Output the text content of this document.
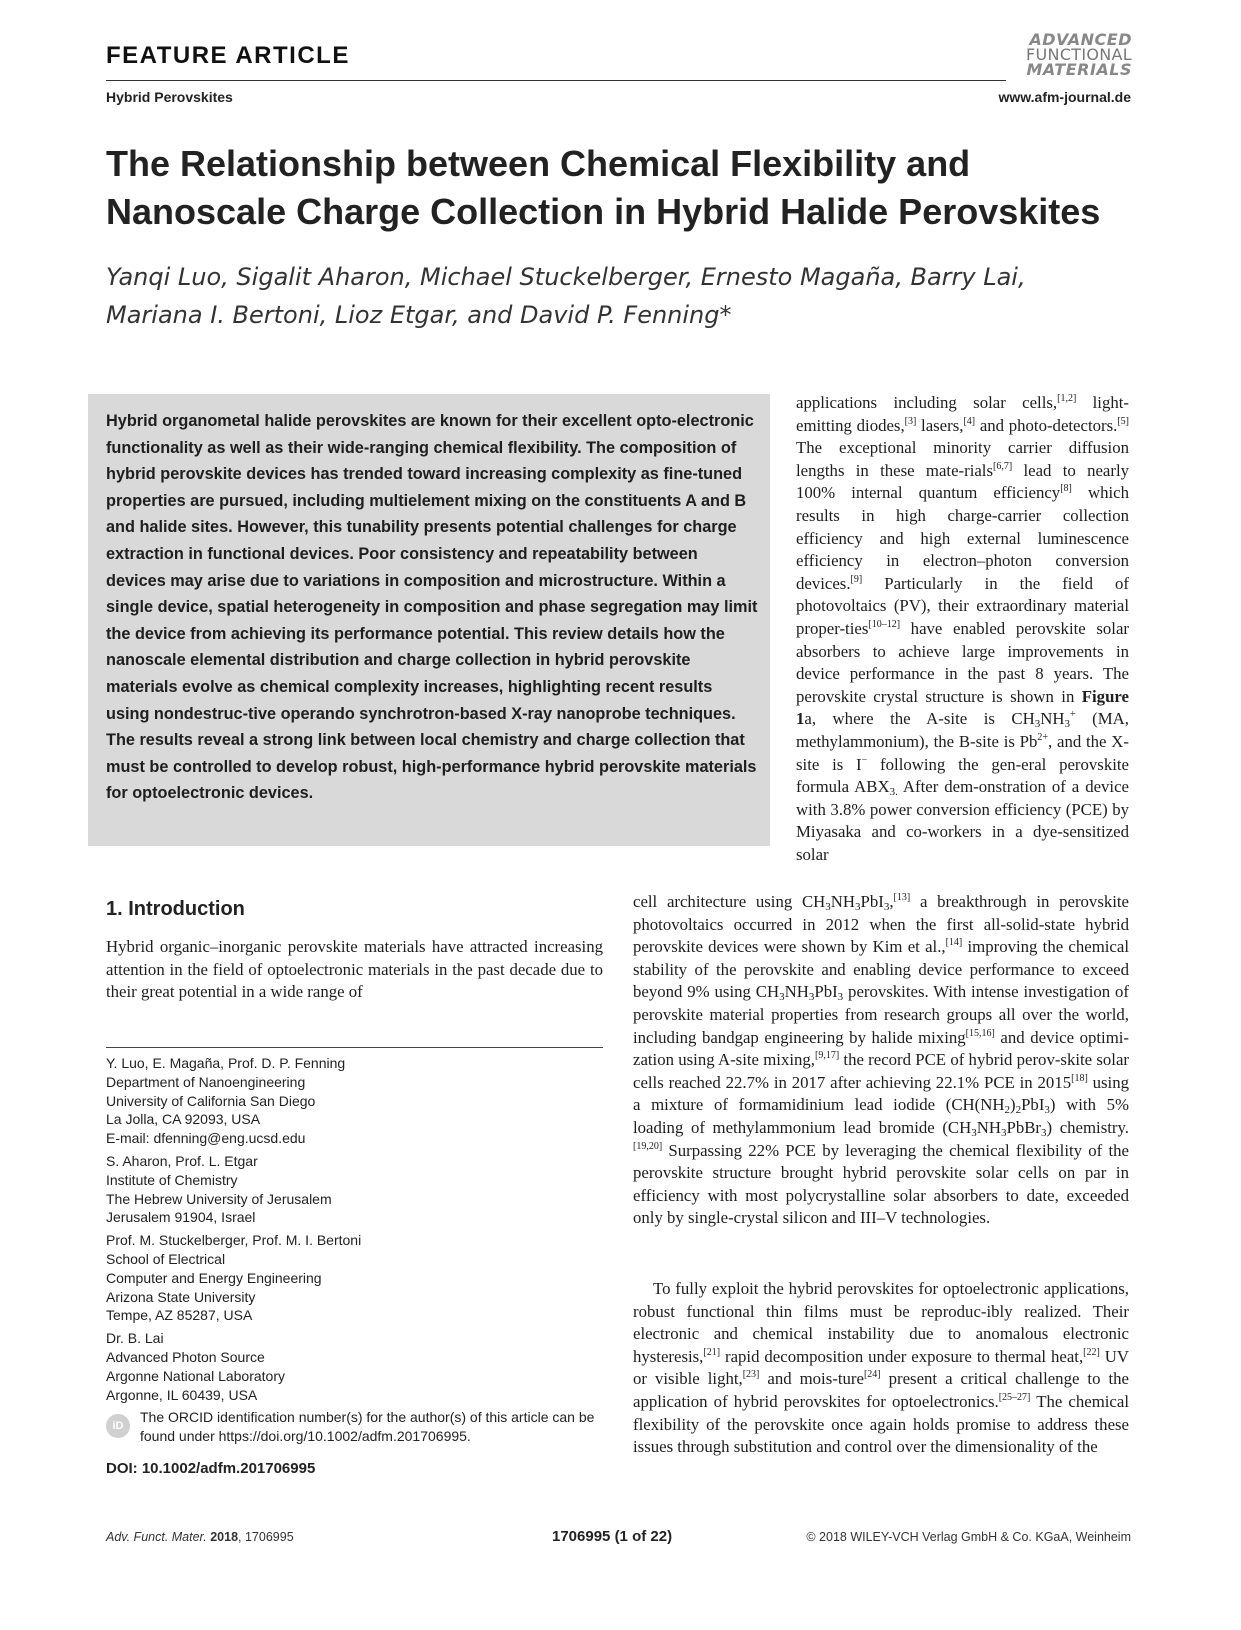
FEATURE ARTICLE
Hybrid Perovskites
ADVANCED
FUNCTIONAL
MATERIALS
www.afm-journal.de
The Relationship between Chemical Flexibility and Nanoscale Charge Collection in Hybrid Halide Perovskites
Yanqi Luo, Sigalit Aharon, Michael Stuckelberger, Ernesto Magaña, Barry Lai,
Mariana I. Bertoni, Lioz Etgar, and David P. Fenning*
Hybrid organometal halide perovskites are known for their excellent opto-electronic functionality as well as their wide-ranging chemical flexibility. The composition of hybrid perovskite devices has trended toward increasing complexity as fine-tuned properties are pursued, including multielement mixing on the constituents A and B and halide sites. However, this tunability presents potential challenges for charge extraction in functional devices. Poor consistency and repeatability between devices may arise due to variations in composition and microstructure. Within a single device, spatial heterogeneity in composition and phase segregation may limit the device from achieving its performance potential. This review details how the nanoscale elemental distribution and charge collection in hybrid perovskite materials evolve as chemical complexity increases, highlighting recent results using nondestruc-tive operando synchrotron-based X-ray nanoprobe techniques. The results reveal a strong link between local chemistry and charge collection that must be controlled to develop robust, high-performance hybrid perovskite materials for optoelectronic devices.
applications including solar cells,[1,2] light-emitting diodes,[3] lasers,[4] and photo-detectors.[5] The exceptional minority carrier diffusion lengths in these mate-rials[6,7] lead to nearly 100% internal quantum efficiency[8] which results in high charge-carrier collection efficiency and high external luminescence efficiency in electron–photon conversion devices.[9] Particularly in the field of photovoltaics (PV), their extraordinary material proper-ties[10–12] have enabled perovskite solar absorbers to achieve large improvements in device performance in the past 8 years. The perovskite crystal structure is shown in Figure 1a, where the A-site is $CH_3NH_3^+$ (MA, methylammonium), the B-site is $Pb^{2+}$, and the X-site is I− following the gen-eral perovskite formula $ABX_{3.}$ After dem-onstration of a device with 3.8% power conversion efficiency (PCE) by Miyasaka and co-workers in a dye-sensitized solar
cell architecture using $CH_3NH_3PbI_3,[13]$ a breakthrough in perovskite photovoltaics occurred in 2012 when the first all-solid-state hybrid perovskite devices were shown by Kim et al.,[14] improving the chemical stability of the perovskite and enabling device performance to exceed beyond 9% using $CH_3NH_3PbI_3$ perovskites. With intense investigation of perovskite material properties from research groups all over the world, including bandgap engineering by halide mixing[15,16] and device optimi-zation using A-site mixing,[9,17] the record PCE of hybrid perov-skite solar cells reached 22.7% in 2017 after achieving 22.1% PCE in 2015[18] using a mixture of formamidinium lead iodide $(CH(NH_2)_2PbI_3)$ with 5% loading of methylammonium lead bromide $(CH_3NH_3PbBr_3)$ chemistry.[19,20] Surpassing 22% PCE by leveraging the chemical flexibility of the perovskite structure brought hybrid perovskite solar cells on par in efficiency with most polycrystalline solar absorbers to date, exceeded only by single-crystal silicon and III–V technologies.
To fully exploit the hybrid perovskites for optoelectronic applications, robust functional thin films must be reproduc-ibly realized. Their electronic and chemical instability due to anomalous electronic hysteresis,[21] rapid decomposition under exposure to thermal heat,[22] UV or visible light,[23] and mois-ture[24] present a critical challenge to the application of hybrid perovskites for optoelectronics.[25–27] The chemical flexibility of the perovskite once again holds promise to address these issues through substitution and control over the dimensionality of the
1. Introduction
Hybrid organic–inorganic perovskite materials have attracted increasing attention in the field of optoelectronic materials in the past decade due to their great potential in a wide range of
Y. Luo, E. Magaña, Prof. D. P. Fenning
Department of Nanoengineering
University of California San Diego
La Jolla, CA 92093, USA
E-mail: dfenning@eng.ucsd.edu
S. Aharon, Prof. L. Etgar
Institute of Chemistry
The Hebrew University of Jerusalem
Jerusalem 91904, Israel
Prof. M. Stuckelberger, Prof. M. I. Bertoni
School of Electrical
Computer and Energy Engineering
Arizona State University
Tempe, AZ 85287, USA
Dr. B. Lai
Advanced Photon Source
Argonne National Laboratory
Argonne, IL 60439, USA
iD
The ORCID identification number(s) for the author(s) of this article can be found under https://doi.org/10.1002/adfm.201706995.
DOI: 10.1002/adfm.201706995
Adv. Funct. Mater. 2018, 1706995	1706995 (1 of 22)	© 2018 WILEY-VCH Verlag GmbH & Co. KGaA, Weinheim
